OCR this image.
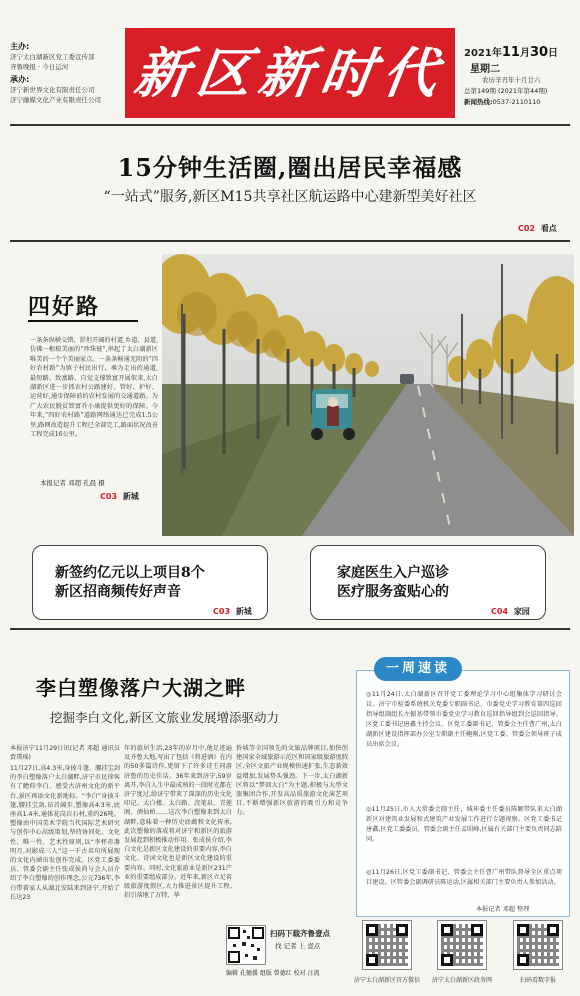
主办:
济宁太白湖新区党工委宣传部
齐鲁晚报 · 今日运河
承办:
济宁新世界文化有限责任公司
济宁融媒文化产业有限责任公司 新区新时代	2021年11月30日 星期二
农历辛丑年十月廿六
总第149期 (2021年第44期)
新闻热线:0537-2110110
15分钟生活圈,圈出居民幸福感
“一站式”服务,新区M15共享社区航运路中心建新型美好社区
C02 看点
四好路
一条条纵横交错、舒坦开阔的村道,乡道、县道,仿佛一根根美丽的“珍珠链”,串起了太白湖新区唯美的一个个美丽家点。一条条畅通无阻的“四好农村路”为镇子村民出行、乘为走出的通道,最短路、致富路、自觉支撑致富开展似来,太白湖新区进一步抓农村公路建好、管好、护好、运营好,通步保障前的农村发展的交通道路。为广大农民脱贫致富乔小康提供更好的保障。今年来,“四好农村路”道路网络通达已完成1.5公里,路网改造提升工程已全部完工,路面状况改善工程完成16公里。
本报记者 邓超 孔晨 摄
C03 新城
新签约亿元以上项目8个
新区招商频传好声音
C03 新城
家庭医生入户巡诊
医疗服务蛮贴心的
C04 家园
李白塑像落户大湖之畔
挖掘李白文化,新区文旅业发展增添驱动力
本报济宁11月29日讯(记者 邓超 通讯员 贾璞瑶)
11月27日,高4.3米,身披斗篷、腰挂宝剑的李白塑像落户太白湖畔,济宁市民徐客有了瞻仰李白、感受古济州文化的新平台,景区再添文化新地标。“李白”身披斗篷,腰挂宝剑,昂首阔步,塑像高4.3米,底座高1.4米,通体花岗岩石材,重约26吨。塑像由中国美术学院当代国际艺术研究与创作中心高级策划,坚持协同化、文化性、唯一性、艺术性原则,以“李杯赤盏明月,对影成三人”这一千古名句所展现的文化内涵出发创作完成。区党工委委员、管委会副主任张成侯尚与会人员介绍了李白塑像的创作理念,公元736年,李白带着家人从湖北安陆来到济宁,开始了长达23
年的旅居生活,23年的岁月中,他足迹遍及齐鲁大地,写出了包括《将进酒》在内的50多篇诗作,更留下了许多诗王同游济鲁的历史佳话。36年来到济宁,59岁离开,李白人生中最成熟的一段时光都在济宁度过,给济宁带来了深深的历史文化印记。太白楼、太白路、浣笔泉、青莲阁、酒仙桥……这次李白塑像来到太白湖畔,意味着一种历史底蕴和文化传承,此次塑像的落成将对济宁和新区的旅游发展起到积极推动作用。张成侯介绍,李白文化是新区文化建设的重要内容,李白文化、诗词文化也是新区文化建设的重要内容。同时,文化旅游业是新区231产业的重要组成部分。近年来,新区立足省级旅游度假区,大力推进景区提升工程,招引落地了方特、华
侨城等全国领先的文旅品牌项目,加快创建国家全域旅游示范区和国家级旅游度假区,全区文旅产业规模快速扩张,生态新效益增加,发展势头强劲。下一步,太白湖新区将以“梦回大白”为主题,积极与大型文旅集团合作,开发高品质旅游文化演艺项目,不断增强新区旅游的吸引力和竞争力。
扫码下载齐鲁壹点
找 记者 上 壹点
编辑 孔德援 组版 曾德红 校对 汪流
一周速读
◎11月24日,太白湖新区召开党工委理论学习中心组集体学习研讨会议。济宁市检委系统机关党委专职副书记、市委党史学习教育第四巡回指导组副组长左振基带领市委党史学习教育巡回指导组到会巡回指导。区党工委书记唐鑫主持会议。区党工委副书记、管委会主任曹广州,太白湖新区建设指挥部办公室专职副主任鲍刚,区党工委、管委会领导班子成员出席会议。
◎11月25日,市人大常委会副主任、城环委主任委员陈颖带队来太白湖新区对建筑业发展和式建筑产业发展工作进行专题视察。区党工委书记唐鑫,区党工委委员、管委会副主任孟昭峰,区属有关部门主要负责同志陪同。
◎11月26日,区党工委副书记、管委会主任曹广州带队督导全区重点项目建设。区管委会副调研员陈运动,区属相关部门主要负责人参加活动。
本报记者 邓超 整理
济宁太白湖新区官方微信	济宁太白湖新区政务网	扫码看数字报
